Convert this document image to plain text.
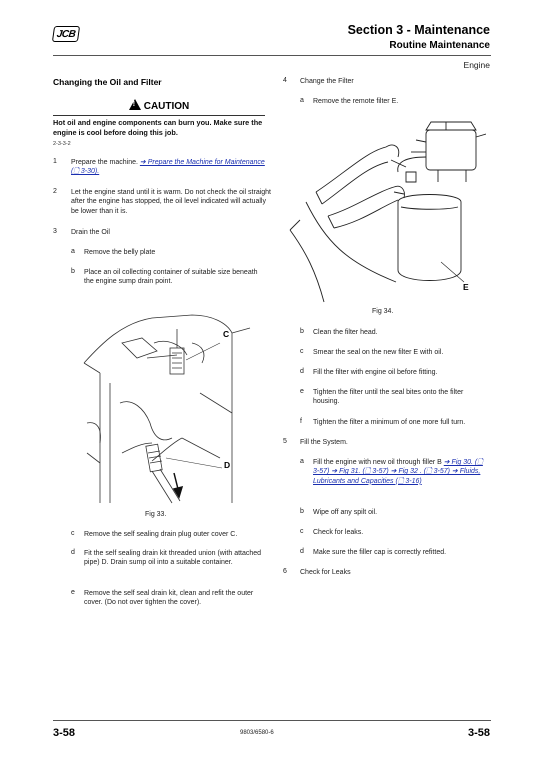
JCB	Section 3 - Maintenance
Routine Maintenance
Engine
Changing the Oil and Filter
!CAUTION
Hot oil and engine components can burn you. Make sure the engine is cool before doing this job.
2-3-3-2
1 Prepare the machine. ➔ Prepare the Machine for Maintenance (🗋 3-30).
2 Let the engine stand until it is warm. Do not check the oil straight after the engine has stopped, the oil level indicated will actually be lower than it is.
3 Drain the Oil
a Remove the belly plate
b Place an oil collecting container of suitable size beneath the engine sump drain point.
C
D
Fig 33.
c Remove the self sealing drain plug outer cover C.
d Fit the self sealing drain kit threaded union (with attached pipe) D. Drain sump oil into a suitable container.
e Remove the self seal drain kit, clean and refit the outer cover. (Do not over tighten the cover).
4 Change the Filter
a Remove the remote filter E.
E
Fig 34.
b Clean the filter head.
c Smear the seal on the new filter E with oil.
d Fill the filter with engine oil before fitting.
e Tighten the filter until the seal bites onto the filter housing.
f Tighten the filter a minimum of one more full turn.
5 Fill the System.
a Fill the engine with new oil through filler B ➔ Fig 30. (🗋 3-57) ➔ Fig 31. (🗋 3-57) ➔ Fig 32 . (🗋 3-57) ➔ Fluids, Lubricants and Capacities (🗋 3-16)
b Wipe off any spilt oil.
c Check for leaks.
d Make sure the filler cap is correctly refitted.
6 Check for Leaks
3-58	9803/6580-6	3-58
